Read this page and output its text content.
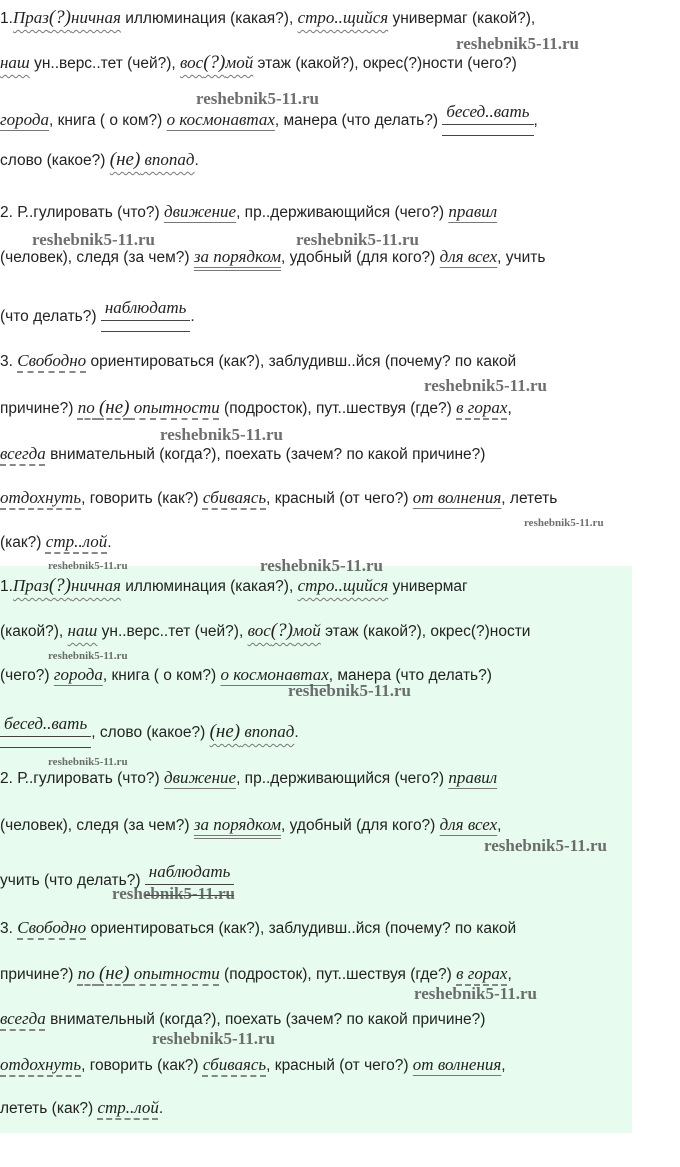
1.Праз(?)ничная иллюминация (какая?), стро..щийся универмаг (какой?),
наш ун..верс..тет (чей?), вос(?)мой этаж (какой?), окрес(?)ности (чего?)
города, книга ( о ком?) о космонавтах, манера (что делать?) бесед..вать ,
слово (какое?) (не) впопад.
2. Р..гулировать (что?) движение, пр..держивающийся (чего?) правил
(человек), следя (за чем?) за порядком, удобный (для кого?) для всех, учить
(что делать?) наблюдать .
3. Свободно ориентироваться (как?), заблудивш..йся (почему? по какой
причине?) по (не) опытности (подросток), пут..шествуя (где?) в горах,
всегда внимательный (когда?), поехать (зачем? по какой причине?)
отдохнуть, говорить (как?) сбиваясь, красный (от чего?) от волнения, лететь
(как?) стр..лой.
1.Праз(?)ничная иллюминация (какая?), стро..щийся универмаг
(какой?), наш ун..верс..тет (чей?), вос(?)мой этаж (какой?), окрес(?)ности
(чего?) города, книга ( о ком?) о космонавтах, манера (что делать?)
бесед..вать , слово (какое?) (не) впопад.
2. Р..гулировать (что?) движение, пр..держивающийся (чего?) правил
(человек), следя (за чем?) за порядком, удобный (для кого?) для всех,
учить (что делать?) наблюдать
3. Свободно ориентироваться (как?), заблудивш..йся (почему? по какой
причине?) по (не) опытности (подросток), пут..шествуя (где?) в горах,
всегда внимательный (когда?), поехать (зачем? по какой причине?)
отдохнуть, говорить (как?) сбиваясь, красный (от чего?) от волнения,
лететь (как?) стр..лой.
reshebnik5-11.ru
reshebnik5-11.ru
reshebnik5-11.ru	reshebnik5-11.ru
reshebnik5-11.ru
reshebnik5-11.ru
reshebnik5-11.ru
reshebnik5-11.ru	reshebnik5-11.ru
reshebnik5-11.ru
reshebnik5-11.ru
reshebnik5-11.ru
reshebnik5-11.ru
reshebnik5-11.ru
reshebnik5-11.ru
reshebnik5-11.ru
